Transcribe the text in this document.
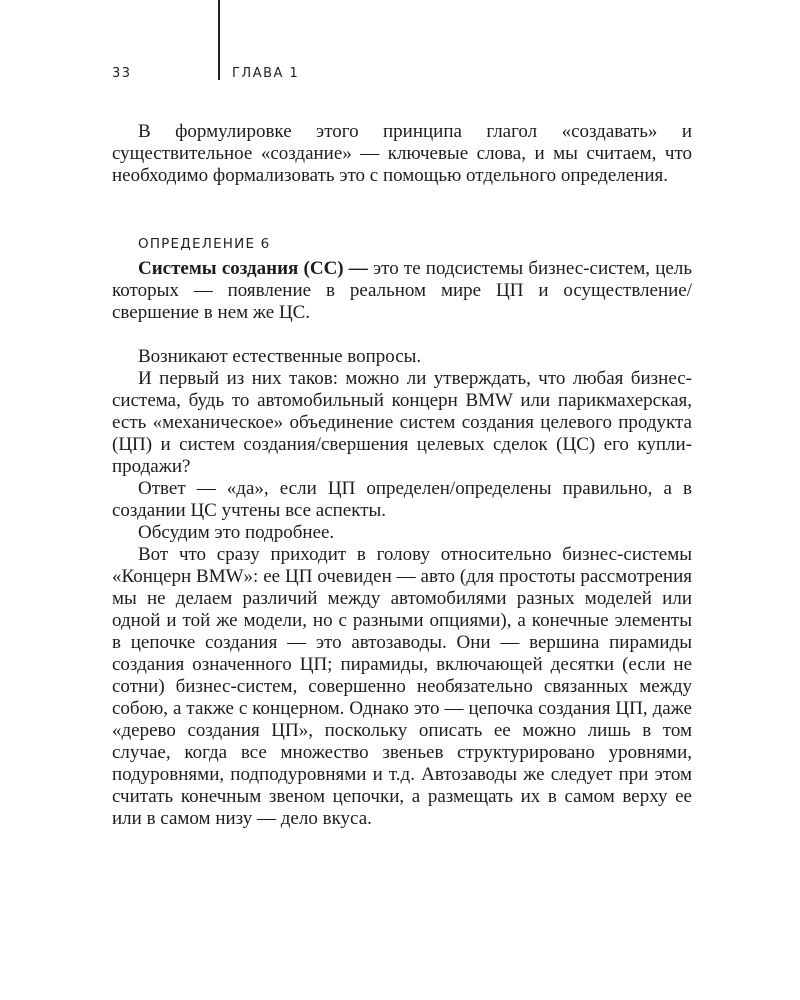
33	ГЛАВА 1

В формулировке этого принципа глагол «создавать» и существительное «создание» — ключевые слова, и мы считаем, что необходимо формализовать это с помощью отдельного определения.

ОПРЕДЕЛЕНИЕ 6

Системы создания (СС) — это те подсистемы бизнес-систем, цель которых — появление в реальном мире ЦП и осуществление/свершение в нем же ЦС.

Возникают естественные вопросы.

И первый из них таков: можно ли утверждать, что любая бизнес-система, будь то автомобильный концерн BMW или парикмахерская, есть «механическое» объединение систем создания целевого продукта (ЦП) и систем создания/свершения целевых сделок (ЦС) его купли-продажи?

Ответ — «да», если ЦП определен/определены правильно, а в создании ЦС учтены все аспекты.

Обсудим это подробнее.

Вот что сразу приходит в голову относительно бизнес-системы «Концерн BMW»: ее ЦП очевиден — авто (для простоты рассмотрения мы не делаем различий между автомобилями разных моделей или одной и той же модели, но с разными опциями), а конечные элементы в цепочке создания — это автозаводы. Они — вершина пирамиды создания означенного ЦП; пирамиды, включающей десятки (если не сотни) бизнес-систем, совершенно необязательно связанных между собою, а также с концерном. Однако это — цепочка создания ЦП, даже «дерево создания ЦП», поскольку описать ее можно лишь в том случае, когда все множество звеньев структурировано уровнями, подуровнями, подподуровнями и т.д. Автозаводы же следует при этом считать конечным звеном цепочки, а размещать их в самом верху ее или в самом низу — дело вкуса.
